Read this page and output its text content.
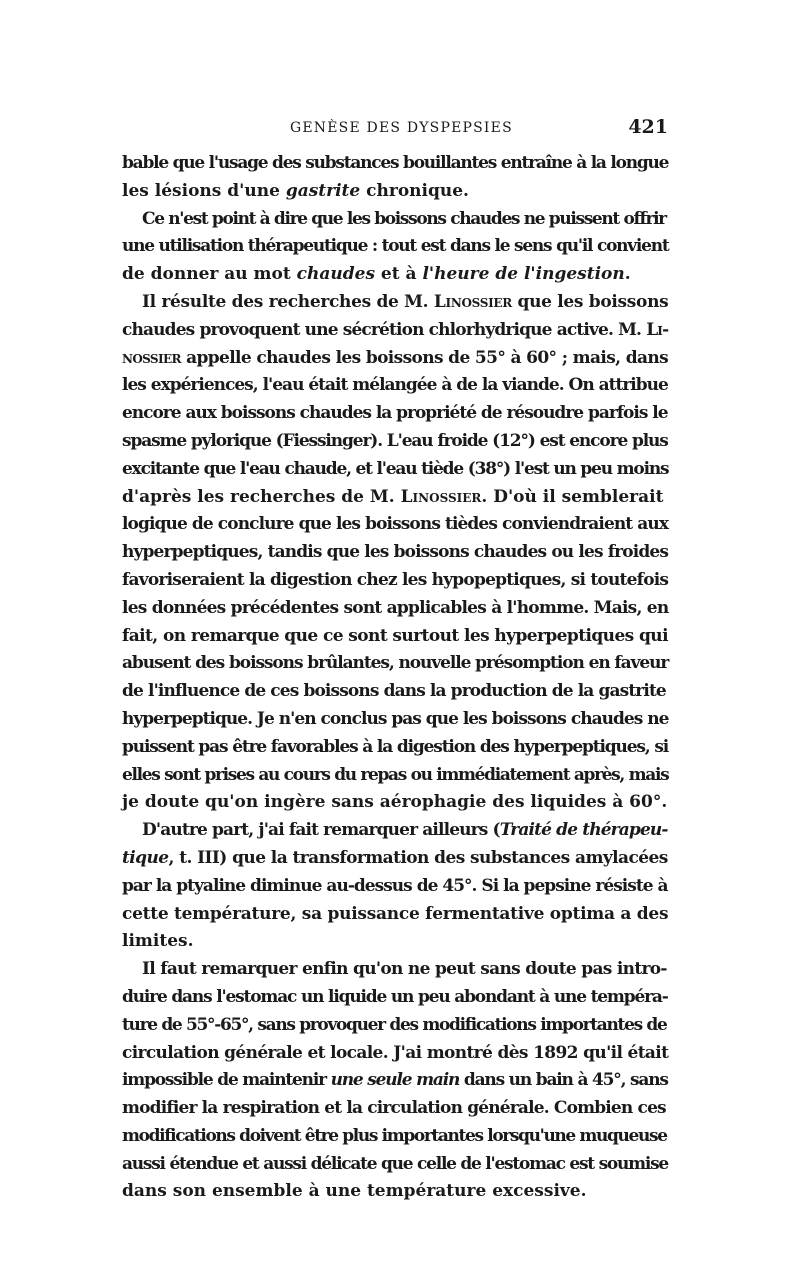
GENÈSE DES DYSPEPSIES	421
bable que l'usage des substances bouillantes entraîne à la longue
les lésions d'une gastrite chronique.
Ce n'est point à dire que les boissons chaudes ne puissent offrir
une utilisation thérapeutique : tout est dans le sens qu'il convient
de donner au mot chaudes et à l'heure de l'ingestion.
Il résulte des recherches de M. Linossier que les boissons
chaudes provoquent une sécrétion chlorhydrique active. M. Li-
nossier appelle chaudes les boissons de 55° à 60° ; mais, dans
les expériences, l'eau était mélangée à de la viande. On attribue
encore aux boissons chaudes la propriété de résoudre parfois le
spasme pylorique (Fiessinger). L'eau froide (12°) est encore plus
excitante que l'eau chaude, et l'eau tiède (38°) l'est un peu moins
d'après les recherches de M. Linossier. D'où il semblerait
logique de conclure que les boissons tièdes conviendraient aux
hyperpeptiques, tandis que les boissons chaudes ou les froides
favoriseraient la digestion chez les hypopeptiques, si toutefois
les données précédentes sont applicables à l'homme. Mais, en
fait, on remarque que ce sont surtout les hyperpeptiques qui
abusent des boissons brûlantes, nouvelle présomption en faveur
de l'influence de ces boissons dans la production de la gastrite
hyperpeptique. Je n'en conclus pas que les boissons chaudes ne
puissent pas être favorables à la digestion des hyperpeptiques, si
elles sont prises au cours du repas ou immédiatement après, mais
je doute qu'on ingère sans aérophagie des liquides à 60°.
D'autre part, j'ai fait remarquer ailleurs (Traité de thérapeu-
tique, t. III) que la transformation des substances amylacées
par la ptyaline diminue au-dessus de 45°. Si la pepsine résiste à
cette température, sa puissance fermentative optima a des
limites.
Il faut remarquer enfin qu'on ne peut sans doute pas intro-
duire dans l'estomac un liquide un peu abondant à une tempéra-
ture de 55°-65°, sans provoquer des modifications importantes de
circulation générale et locale. J'ai montré dès 1892 qu'il était
impossible de maintenir une seule main dans un bain à 45°, sans
modifier la respiration et la circulation générale. Combien ces
modifications doivent être plus importantes lorsqu'une muqueuse
aussi étendue et aussi délicate que celle de l'estomac est soumise
dans son ensemble à une température excessive.
